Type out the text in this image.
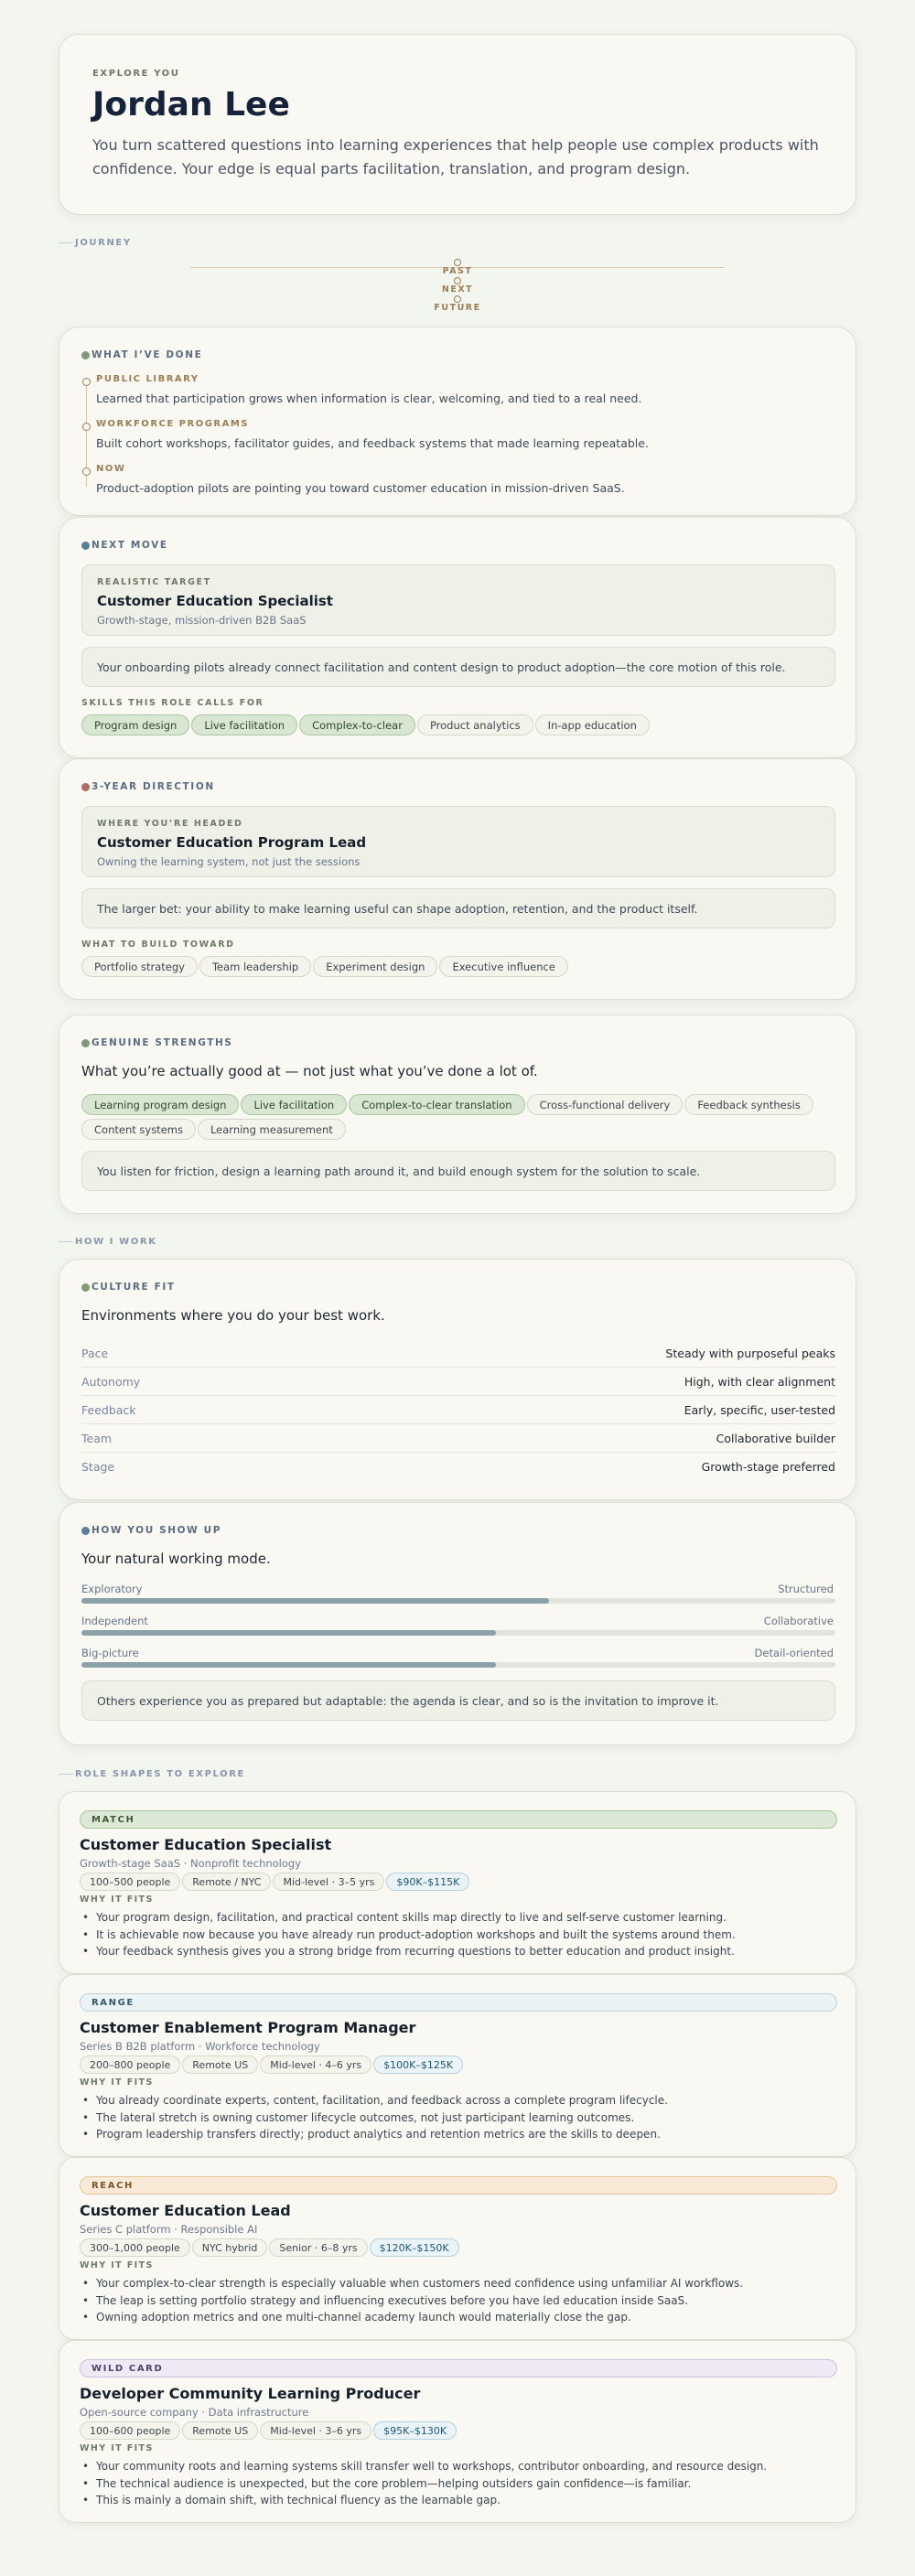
EXPLORE YOU
Jordan Lee
You turn scattered questions into learning experiences that help people use complex products with confidence. Your edge is equal parts facilitation, translation, and program design.
JOURNEY
PAST
NEXT
FUTURE
WHAT I’VE DONE
PUBLIC LIBRARY
Learned that participation grows when information is clear, welcoming, and tied to a real need.
WORKFORCE PROGRAMS
Built cohort workshops, facilitator guides, and feedback systems that made learning repeatable.
NOW
Product-adoption pilots are pointing you toward customer education in mission-driven SaaS.
NEXT MOVE
REALISTIC TARGET
Customer Education Specialist
Growth-stage, mission-driven B2B SaaS
Your onboarding pilots already connect facilitation and content design to product adoption—the core motion of this role.
SKILLS THIS ROLE CALLS FOR
Program design	Live facilitation	Complex-to-clear	Product analytics	In-app education
3-YEAR DIRECTION
WHERE YOU’RE HEADED
Customer Education Program Lead
Owning the learning system, not just the sessions
The larger bet: your ability to make learning useful can shape adoption, retention, and the product itself.
WHAT TO BUILD TOWARD
Portfolio strategy	Team leadership	Experiment design	Executive influence
GENUINE STRENGTHS
What you’re actually good at — not just what you’ve done a lot of.
Learning program design	Live facilitation	Complex-to-clear translation	Cross-functional delivery	Feedback synthesis
Content systems	Learning measurement
You listen for friction, design a learning path around it, and build enough system for the solution to scale.
HOW I WORK
CULTURE FIT
Environments where you do your best work.
Pace	Steady with purposeful peaks
Autonomy	High, with clear alignment
Feedback	Early, specific, user-tested
Team	Collaborative builder
Stage	Growth-stage preferred
HOW YOU SHOW UP
Your natural working mode.
Exploratory	Structured
Independent	Collaborative
Big-picture	Detail-oriented
Others experience you as prepared but adaptable: the agenda is clear, and so is the invitation to improve it.
ROLE SHAPES TO EXPLORE
MATCH
Customer Education Specialist
Growth-stage SaaS · Nonprofit technology
100–500 people	Remote / NYC	Mid-level · 3–5 yrs	$90K–$115K
WHY IT FITS
• Your program design, facilitation, and practical content skills map directly to live and self-serve customer learning.
• It is achievable now because you have already run product-adoption workshops and built the systems around them.
• Your feedback synthesis gives you a strong bridge from recurring questions to better education and product insight.
RANGE
Customer Enablement Program Manager
Series B B2B platform · Workforce technology
200–800 people	Remote US	Mid-level · 4–6 yrs	$100K–$125K
WHY IT FITS
• You already coordinate experts, content, facilitation, and feedback across a complete program lifecycle.
• The lateral stretch is owning customer lifecycle outcomes, not just participant learning outcomes.
• Program leadership transfers directly; product analytics and retention metrics are the skills to deepen.
REACH
Customer Education Lead
Series C platform · Responsible AI
300–1,000 people	NYC hybrid	Senior · 6–8 yrs	$120K–$150K
WHY IT FITS
• Your complex-to-clear strength is especially valuable when customers need confidence using unfamiliar AI workflows.
• The leap is setting portfolio strategy and influencing executives before you have led education inside SaaS.
• Owning adoption metrics and one multi-channel academy launch would materially close the gap.
WILD CARD
Developer Community Learning Producer
Open-source company · Data infrastructure
100–600 people	Remote US	Mid-level · 3–6 yrs	$95K–$130K
WHY IT FITS
• Your community roots and learning systems skill transfer well to workshops, contributor onboarding, and resource design.
• The technical audience is unexpected, but the core problem—helping outsiders gain confidence—is familiar.
• This is mainly a domain shift, with technical fluency as the learnable gap.
